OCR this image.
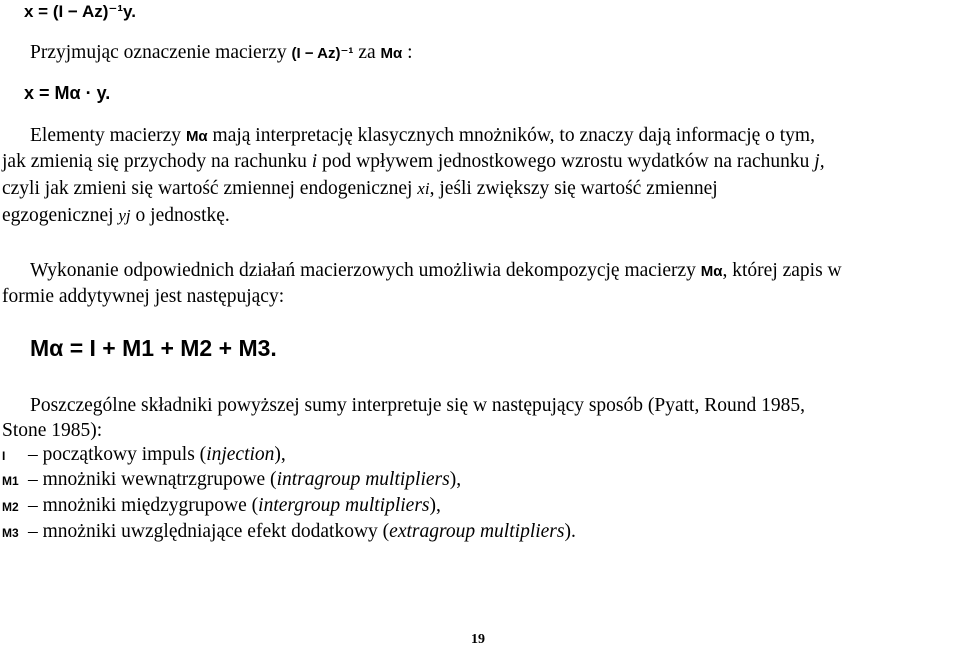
x = (I − Az)⁻¹y.
Przyjmując oznaczenie macierzy (I − Az)⁻¹ za Mα :
x = Mα · y.
Elementy macierzy Mα mają interpretację klasycznych mnożników, to znaczy dają informację o tym,
jak zmienią się przychody na rachunku i pod wpływem jednostkowego wzrostu wydatków na rachunku j,
czyli jak zmieni się wartość zmiennej endogenicznej xi, jeśli zwiększy się wartość zmiennej
egzogenicznej yj o jednostkę.
Wykonanie odpowiednich działań macierzowych umożliwia dekompozycję macierzy Mα, której zapis w
formie addytywnej jest następujący:
Mα = I + M1 + M2 + M3.
Poszczególne składniki powyższej sumy interpretuje się w następujący sposób (Pyatt, Round 1985,
Stone 1985):
I – początkowy impuls (injection),
M1 – mnożniki wewnątrzgrupowe (intragroup multipliers),
M2 – mnożniki międzygrupowe (intergroup multipliers),
M3 – mnożniki uwzględniające efekt dodatkowy (extragroup multipliers).
19
